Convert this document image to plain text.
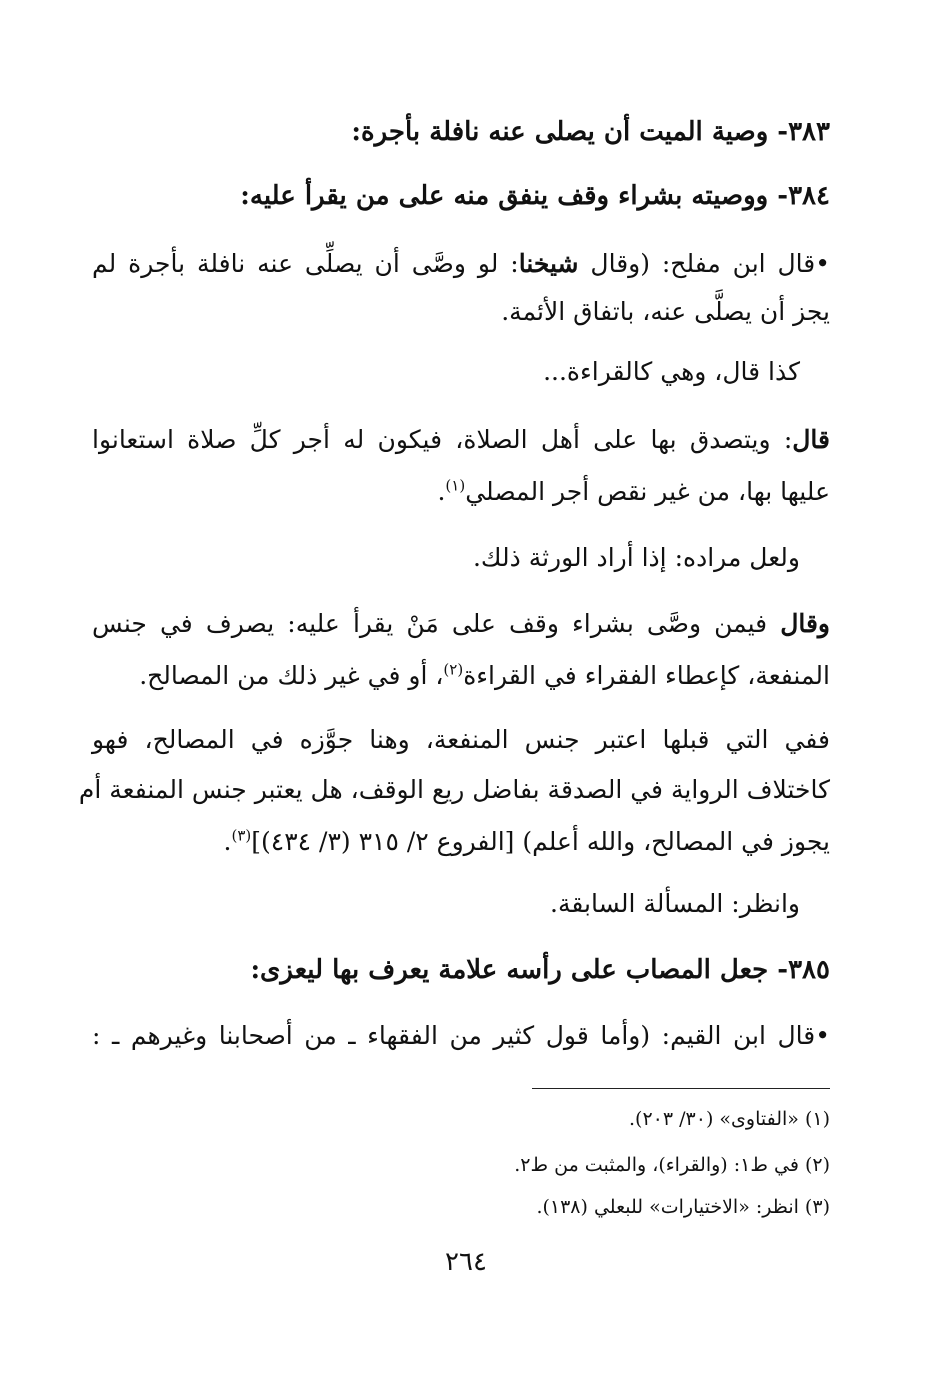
٣٨٣- وصية الميت أن يصلى عنه نافلة بأجرة:
٣٨٤- ووصيته بشراء وقف ينفق منه على من يقرأ عليه:
•قال ابن مفلح: (وقال شيخنا: لو وصَّى أن يصلِّى عنه نافلة بأجرة لم
يجز أن يصلَّى عنه، باتفاق الأئمة.
كذا قال، وهي كالقراءة...
قال: ويتصدق بها على أهل الصلاة، فيكون له أجر كلِّ صلاة استعانوا
عليها بها، من غير نقص أجر المصلي$^{(١)}$.
ولعل مراده: إذا أراد الورثة ذلك.
وقال فيمن وصَّى بشراء وقف على مَنْ يقرأ عليه: يصرف في جنس
المنفعة، كإعطاء الفقراء في القراءة$^{(٢)}$، أو في غير ذلك من المصالح.
ففي التي قبلها اعتبر جنس المنفعة، وهنا جوَّزه في المصالح، فهو
كاختلاف الرواية في الصدقة بفاضل ريع الوقف، هل يعتبر جنس المنفعة أم
يجوز في المصالح، والله أعلم) [الفروع ٢/ ٣١٥ (٣/ ٤٣٤)]$^{(٣)}$.
وانظر: المسألة السابقة.
٣٨٥- جعل المصاب على رأسه علامة يعرف بها ليعزى:
•قال ابن القيم: (وأما قول كثير من الفقهاء ـ من أصحابنا وغيرهم ـ :
(١) «الفتاوى» (٣٠/ ٢٠٣).
(٢) في ط١: (والقراء)، والمثبت من ط٢.
(٣) انظر: «الاختيارات» للبعلي (١٣٨).
٢٦٤
